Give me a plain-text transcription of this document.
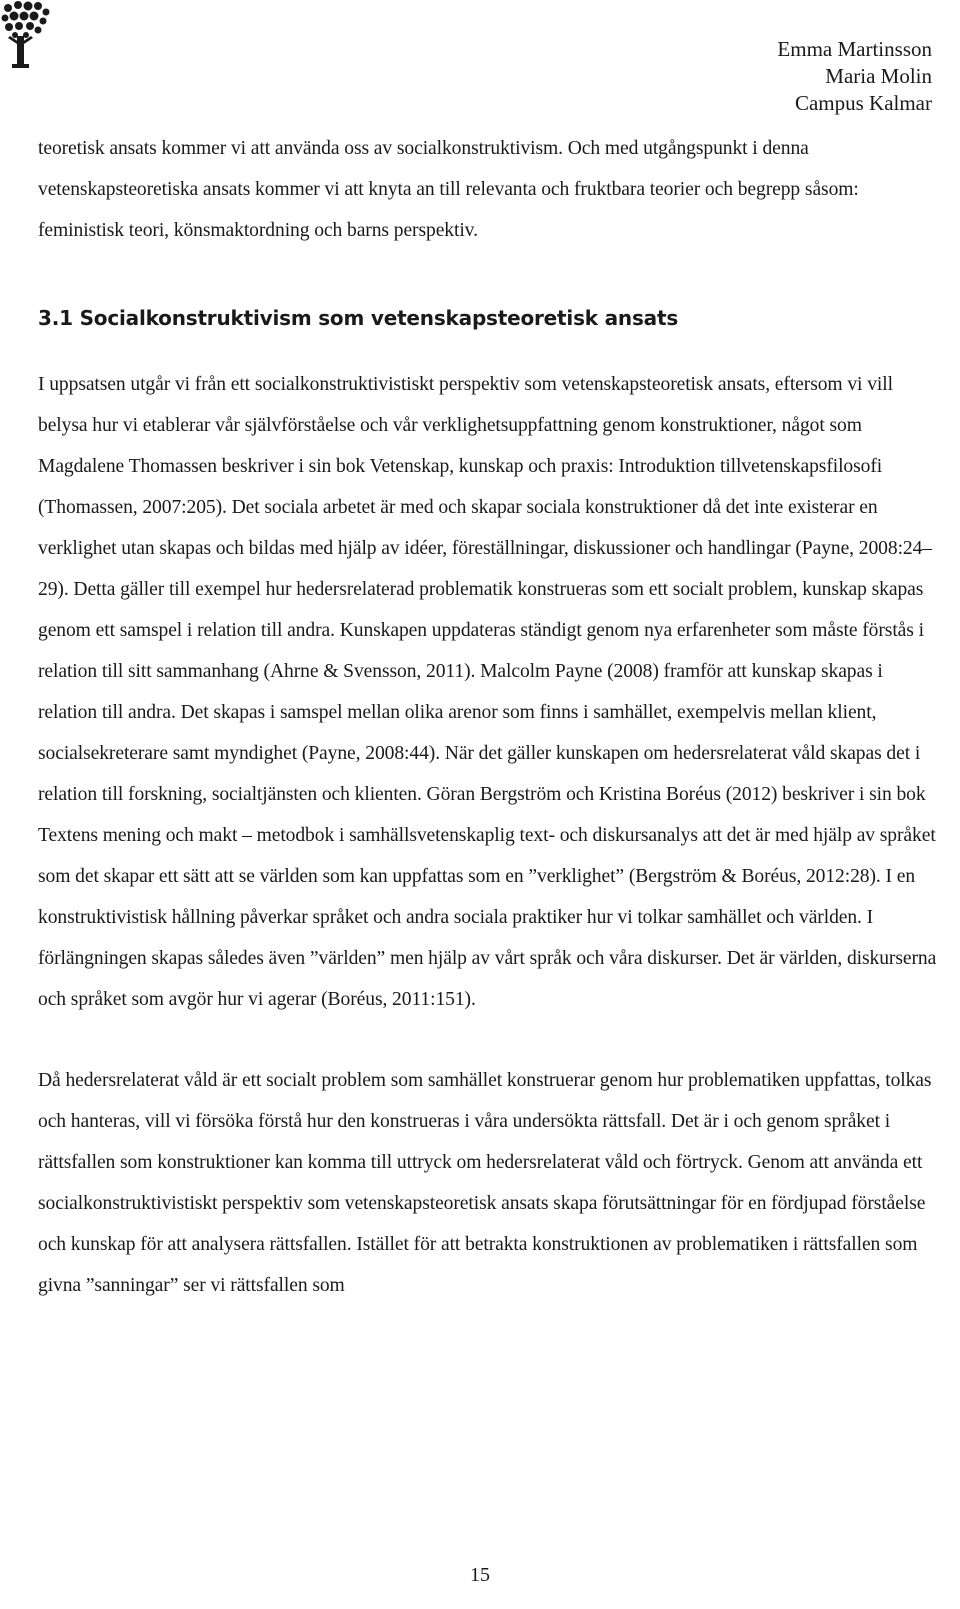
Emma Martinsson
Maria Molin
Campus Kalmar

teoretisk ansats kommer vi att använda oss av socialkonstruktivism. Och med utgångspunkt i denna vetenskapsteoretiska ansats kommer vi att knyta an till relevanta och fruktbara teorier och begrepp såsom: feministisk teori, könsmaktordning och barns perspektiv.

3.1 Socialkonstruktivism som vetenskapsteoretisk ansats

I uppsatsen utgår vi från ett socialkonstruktivistiskt perspektiv som vetenskapsteoretisk ansats, eftersom vi vill belysa hur vi etablerar vår självförståelse och vår verklighetsuppfattning genom konstruktioner, något som Magdalene Thomassen beskriver i sin bok Vetenskap, kunskap och praxis: Introduktion tillvetenskapsfilosofi (Thomassen, 2007:205). Det sociala arbetet är med och skapar sociala konstruktioner då det inte existerar en verklighet utan skapas och bildas med hjälp av idéer, föreställningar, diskussioner och handlingar (Payne, 2008:24–29). Detta gäller till exempel hur hedersrelaterad problematik konstrueras som ett socialt problem, kunskap skapas genom ett samspel i relation till andra. Kunskapen uppdateras ständigt genom nya erfarenheter som måste förstås i relation till sitt sammanhang (Ahrne & Svensson, 2011). Malcolm Payne (2008) framför att kunskap skapas i relation till andra. Det skapas i samspel mellan olika arenor som finns i samhället, exempelvis mellan klient, socialsekreterare samt myndighet (Payne, 2008:44). När det gäller kunskapen om hedersrelaterat våld skapas det i relation till forskning, socialtjänsten och klienten. Göran Bergström och Kristina Boréus (2012) beskriver i sin bok Textens mening och makt – metodbok i samhällsvetenskaplig text- och diskursanalys att det är med hjälp av språket som det skapar ett sätt att se världen som kan uppfattas som en ”verklighet” (Bergström & Boréus, 2012:28). I en konstruktivistisk hållning påverkar språket och andra sociala praktiker hur vi tolkar samhället och världen. I förlängningen skapas således även ”världen” men hjälp av vårt språk och våra diskurser. Det är världen, diskurserna och språket som avgör hur vi agerar (Boréus, 2011:151).

Då hedersrelaterat våld är ett socialt problem som samhället konstruerar genom hur problematiken uppfattas, tolkas och hanteras, vill vi försöka förstå hur den konstrueras i våra undersökta rättsfall. Det är i och genom språket i rättsfallen som konstruktioner kan komma till uttryck om hedersrelaterat våld och förtryck. Genom att använda ett socialkonstruktivistiskt perspektiv som vetenskapsteoretisk ansats skapa förutsättningar för en fördjupad förståelse och kunskap för att analysera rättsfallen. Istället för att betrakta konstruktionen av problematiken i rättsfallen som givna ”sanningar” ser vi rättsfallen som

15
